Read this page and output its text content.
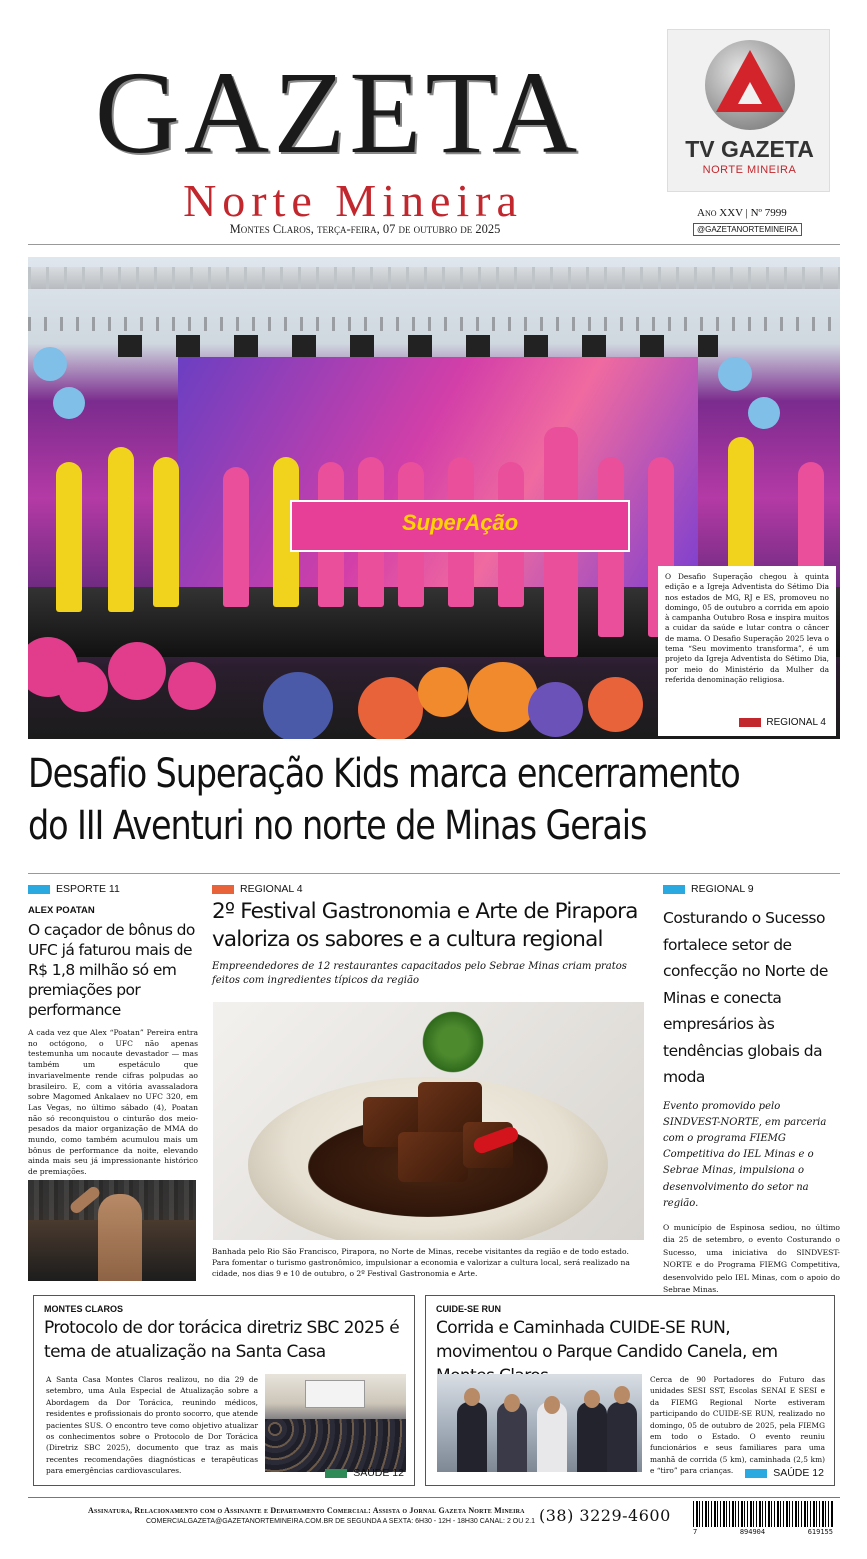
GAZETA
Norte Mineira
Montes Claros, terça-feira, 07 de outubro de 2025
TV GAZETA
NORTE MINEIRA
Ano XXV | Nº 7999
@GAZETANORTEMINEIRA
SuperAção
O Desafio Superação chegou à quinta edição e a Igreja Adventista do Sétimo Dia nos estados de MG, RJ e ES, promoveu no domingo, 05 de outubro a corrida em apoio à campanha Outubro Rosa e inspira muitos a cuidar da saúde e lutar contra o câncer de mama. O Desafio Superação 2025 leva o tema “Seu movimento transforma”, é um projeto da Igreja Adventista do Sétimo Dia, por meio do Ministério da Mulher da referida denominação religiosa.
REGIONAL 4
Desafio Superação Kids marca encerramento do III Aventuri no norte de Minas Gerais
ESPORTE 11
ALEX POATAN
O caçador de bônus do UFC já faturou mais de R$ 1,8 milhão só em premiações por performance
A cada vez que Alex “Poatan” Pereira entra no octógono, o UFC não apenas testemunha um nocaute devastador — mas também um espetáculo que invariavelmente rende cifras polpudas ao brasileiro. E, com a vitória avassaladora sobre Magomed Ankalaev no UFC 320, em Las Vegas, no último sábado (4), Poatan não só reconquistou o cinturão dos meio-pesados da maior organização de MMA do mundo, como também acumulou mais um bônus de performance da noite, elevando ainda mais seu já impressionante histórico de premiações.
REGIONAL 4
2º Festival Gastronomia e Arte de Pirapora valoriza os sabores e a cultura regional
Empreendedores de 12 restaurantes capacitados pelo Sebrae Minas criam pratos feitos com ingredientes típicos da região
Banhada pelo Rio São Francisco, Pirapora, no Norte de Minas, recebe visitantes da região e de todo estado. Para fomentar o turismo gastronômico, impulsionar a economia e valorizar a cultura local, será realizado na cidade, nos dias 9 e 10 de outubro, o 2º Festival Gastronomia e Arte.
REGIONAL 9
Costurando o Sucesso fortalece setor de confecção no Norte de Minas e conecta empresários às tendências globais da moda
Evento promovido pelo SINDVEST-NORTE, em parceria com o programa FIEMG Competitiva do IEL Minas e o Sebrae Minas, impulsiona o desenvolvimento do setor na região.
O município de Espinosa sediou, no último dia 25 de setembro, o evento Costurando o Sucesso, uma iniciativa do SINDVEST-NORTE e do Programa FIEMG Competitiva, desenvolvido pelo IEL Minas, com o apoio do Sebrae Minas.
MONTES CLAROS
Protocolo de dor torácica diretriz SBC 2025 é tema de atualização na Santa Casa
A Santa Casa Montes Claros realizou, no dia 29 de setembro, uma Aula Especial de Atualização sobre a Abordagem da Dor Torácica, reunindo médicos, residentes e profissionais do pronto socorro, que atende pacientes SUS. O encontro teve como objetivo atualizar os conhecimentos sobre o Protocolo de Dor Torácica (Diretriz SBC 2025), documento que traz as mais recentes recomendações diagnósticas e terapêuticas para emergências cardiovasculares.	SAÚDE 12
CUIDE-SE RUN
Corrida e Caminhada CUIDE-SE RUN, movimentou o Parque Candido Canela, em
Cerca de 90 Portadores do Futuro das unidades SESI SST, Escolas SENAI E SESI e da FIEMG Regional Norte estiveram participando do CUIDE-SE RUN, realizado no domingo, 05 de outubro de 2025, pela FIEMG em todo o Estado. O evento reuniu funcionários e seus familiares para uma manhã de corrida (5 km), caminhada (2,5 km) e “tiro” para crianças.	SAÚDE 12
Assinatura, Relacionamento com o Assinante e Departamento Comercial: Assista o Jornal Gazeta Norte Mineira
COMERCIALGAZETA@GAZETANORTEMINEIRA.COM.BR DE SEGUNDA A SEXTA: 6H30 - 12H - 18H30 CANAL: 2 OU 2.1 (38) 3229-4600
7	894904	619155
